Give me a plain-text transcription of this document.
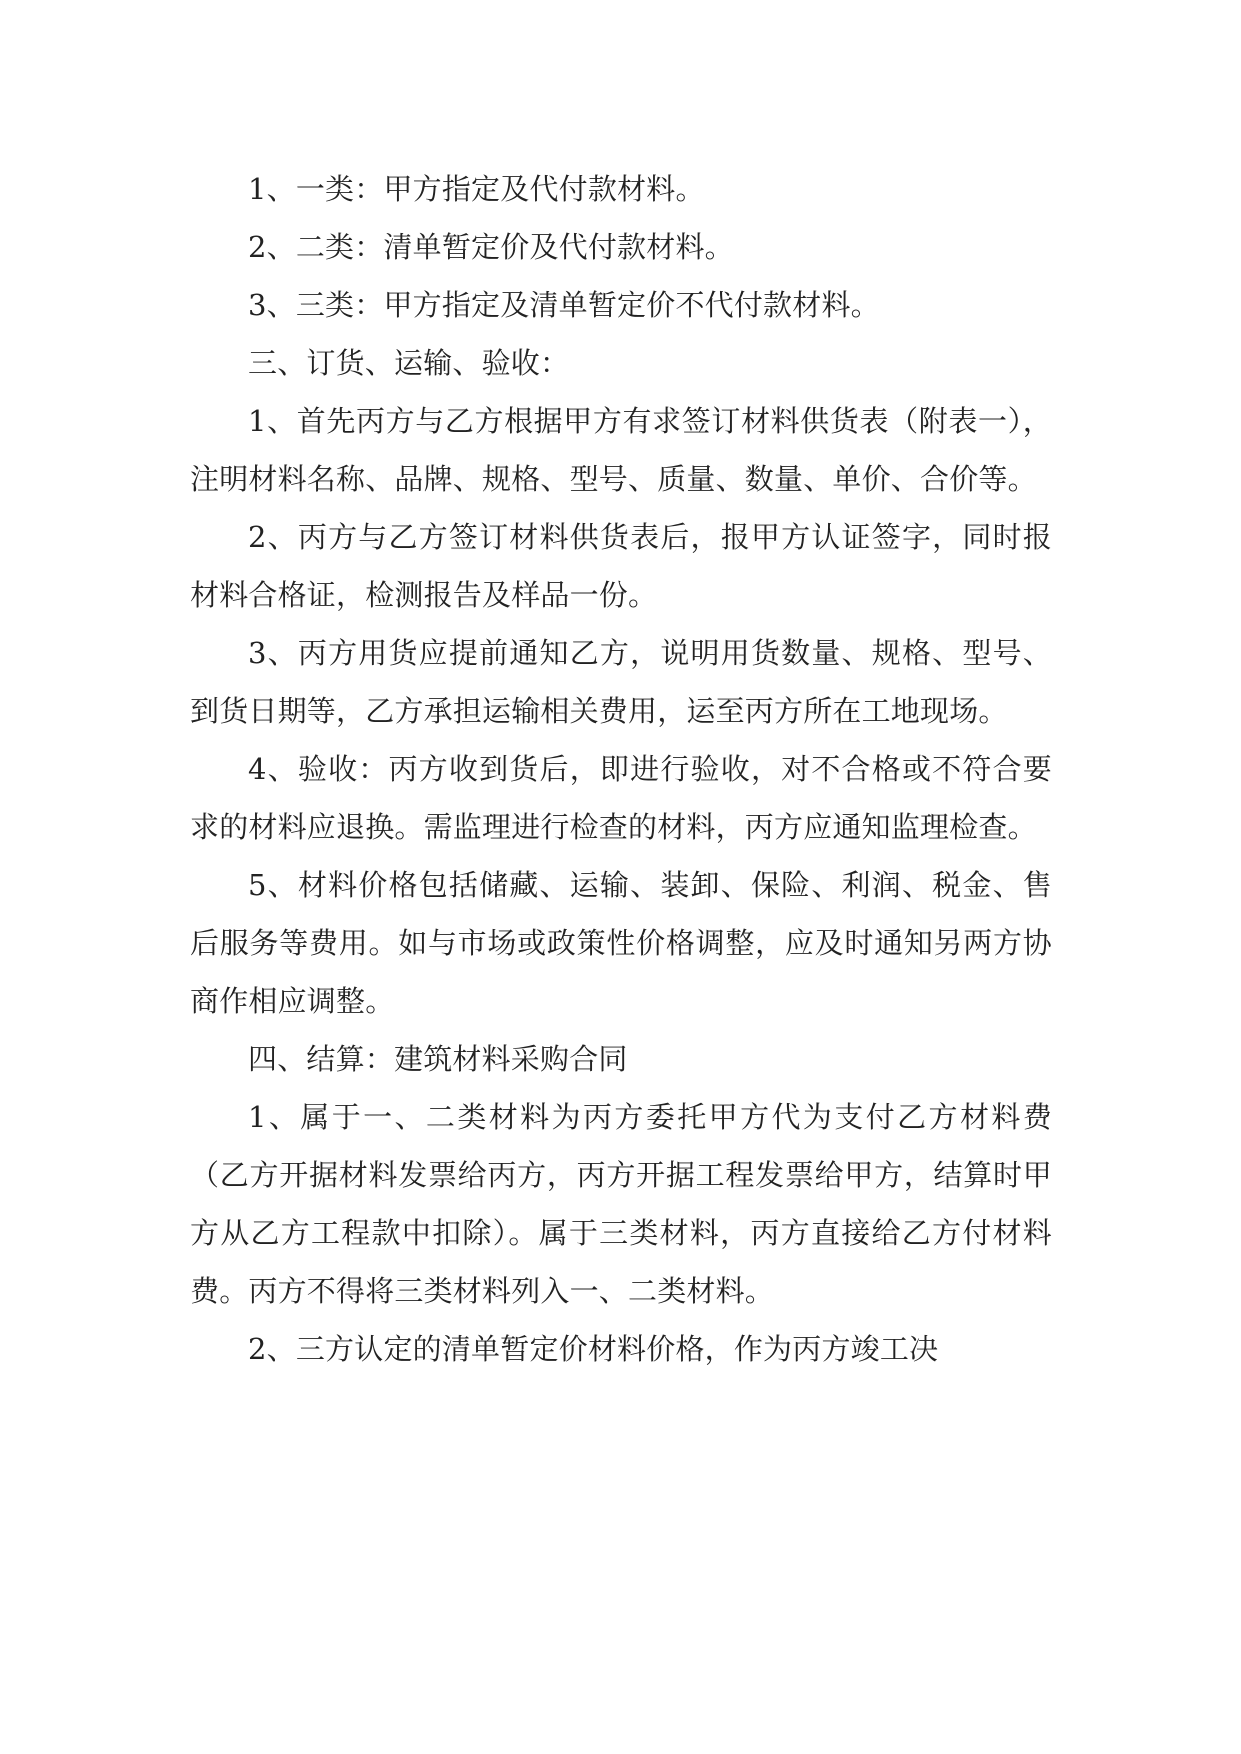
1、一类：甲方指定及代付款材料。

2、二类：清单暂定价及代付款材料。

3、三类：甲方指定及清单暂定价不代付款材料。

三、订货、运输、验收：

1、首先丙方与乙方根据甲方有求签订材料供货表（附表一），注明材料名称、品牌、规格、型号、质量、数量、单价、合价等。

2、丙方与乙方签订材料供货表后，报甲方认证签字，同时报材料合格证，检测报告及样品一份。

3、丙方用货应提前通知乙方，说明用货数量、规格、型号、到货日期等，乙方承担运输相关费用，运至丙方所在工地现场。

4、验收：丙方收到货后，即进行验收，对不合格或不符合要求的材料应退换。需监理进行检查的材料，丙方应通知监理检查。

5、材料价格包括储藏、运输、装卸、保险、利润、税金、售后服务等费用。如与市场或政策性价格调整，应及时通知另两方协商作相应调整。

四、结算：建筑材料采购合同

1、属于一、二类材料为丙方委托甲方代为支付乙方材料费（乙方开据材料发票给丙方，丙方开据工程发票给甲方，结算时甲方从乙方工程款中扣除）。属于三类材料，丙方直接给乙方付材料费。丙方不得将三类材料列入一、二类材料。

2、三方认定的清单暂定价材料价格，作为丙方竣工决
